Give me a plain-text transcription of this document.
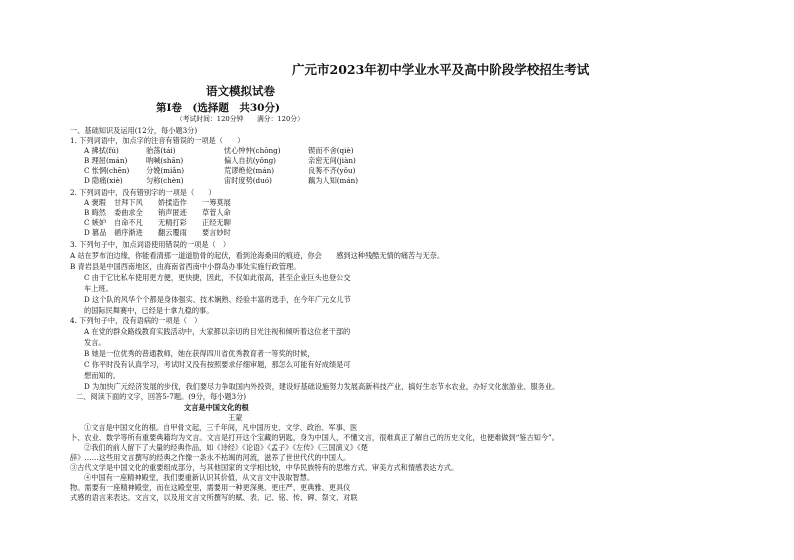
广元市2023年初中学业水平及高中阶段学校招生考试
语文模拟试卷
第Ⅰ卷　(选择题　共30分)
（考试时间：120分钟　　满分：120分）
一、基础知识及运用(12分，每小题3分)
1. 下列词语中，加点字的注音有错误的一项是（　　）
A 拂拭(fú)	骀荡(tái)	忧心忡忡(chōng)	锲而不舍(qiè)
B 理屈(mán)	呐喊(shān)	偏人自抗(yǒng)	亲密无间(jiàn)
C 怅惘(chēn) 分娩(miǎn)	荒谬绝伦(mán)	良莠不齐(yǒu)
D 隐痛(xiè)	匀称(chèn)	宙时度势(duó)	藕为人知(mán)
2. 下列词语中，没有错别字的一项是（　　）
A 褒瑕 甘拜下风 娇揉造作 一筹莫展
B 晦然 委曲求全 销声匿迹 草菅人命
C 嫉妒 自命不凡 无精打彩 正经无聊
D 篡品 循序渐进 翻云覆雨 要言妙时
3. 下列句子中，加点词语使用错误的一项是（　）
A 站在罗布泊边缘，你能看清那一道道肋骨的起伏，看到沧海桑田的痕迹，你会　　感到这种残酷无情的痛苦与无奈。
B 青岩县是中国西南地区，由海南省西南中小群岛办事处实施行政管理。
C 由于它比私车使用更方便，更快捷，因此，不仅如此很高，甚至企业巨头也登公交
车上班。
D 这个队的风华个个都是身体强实、技术娴熟、经验丰富的选手，在今年广元女儿节
的国际民舞赛中，已经是十拿九稳的事。
4. 下列句子中，没有语病的一项是（　）
A 在党的群众路线教育实践活动中，大家都以亲切的目光注视和倾听着这位老干部的
发言。
B 她是一位优秀的普通教师，她在获得四川省优秀教育者一等奖的时候，
C 你平时没有认真学习，考试时又没有按照要求仔细审题，那怎么可能有好成绩是可
想而知的。
D 为加快广元经济发展的步伐，我们要尽力争取国内外投资，建设好基础设施努力发展高新科技产业，搞好生态节水农业，办好文化旅游业、服务业。
二、阅读下面的文字，回答5-7题。(9分，每小题3分)
文言是中国文化的根
王蒙
①文言是中国文化的根。自甲骨文起，三千年间，凡中国历史、文学、政治、军事、医
卜、农业、数学等所有重要典籍均为文言。文言是打开这个宝藏的钥匙，身为中国人，不懂文言，很难真正了解自己的历史文化，也便难做到“鉴古知今”。
②我们的前人留下了大量的经典作品，如《诗经》《论语》《孟子》《左传》《三国演义》《楚
辞》……这些用文言撰写的经典之作像一条永不枯竭的河流，滋养了世世代代的中国人。
③古代文学是中国文化的重要组成部分，与其他国家的文学相比较，中华民族特有的思维方式、审美方式和情感表达方式。
④中国有一座精神殿堂，我们要重新认识其价值，从文言文中汲取智慧。
物。需要有一座精神殿堂，而在这殿堂里，需要用一种更深奥、更庄严、更典雅、更具仪
式感的语言来表达。文言文，以及用文言文所撰写的赋、表、记、铭、传、碑、祭文、对联
